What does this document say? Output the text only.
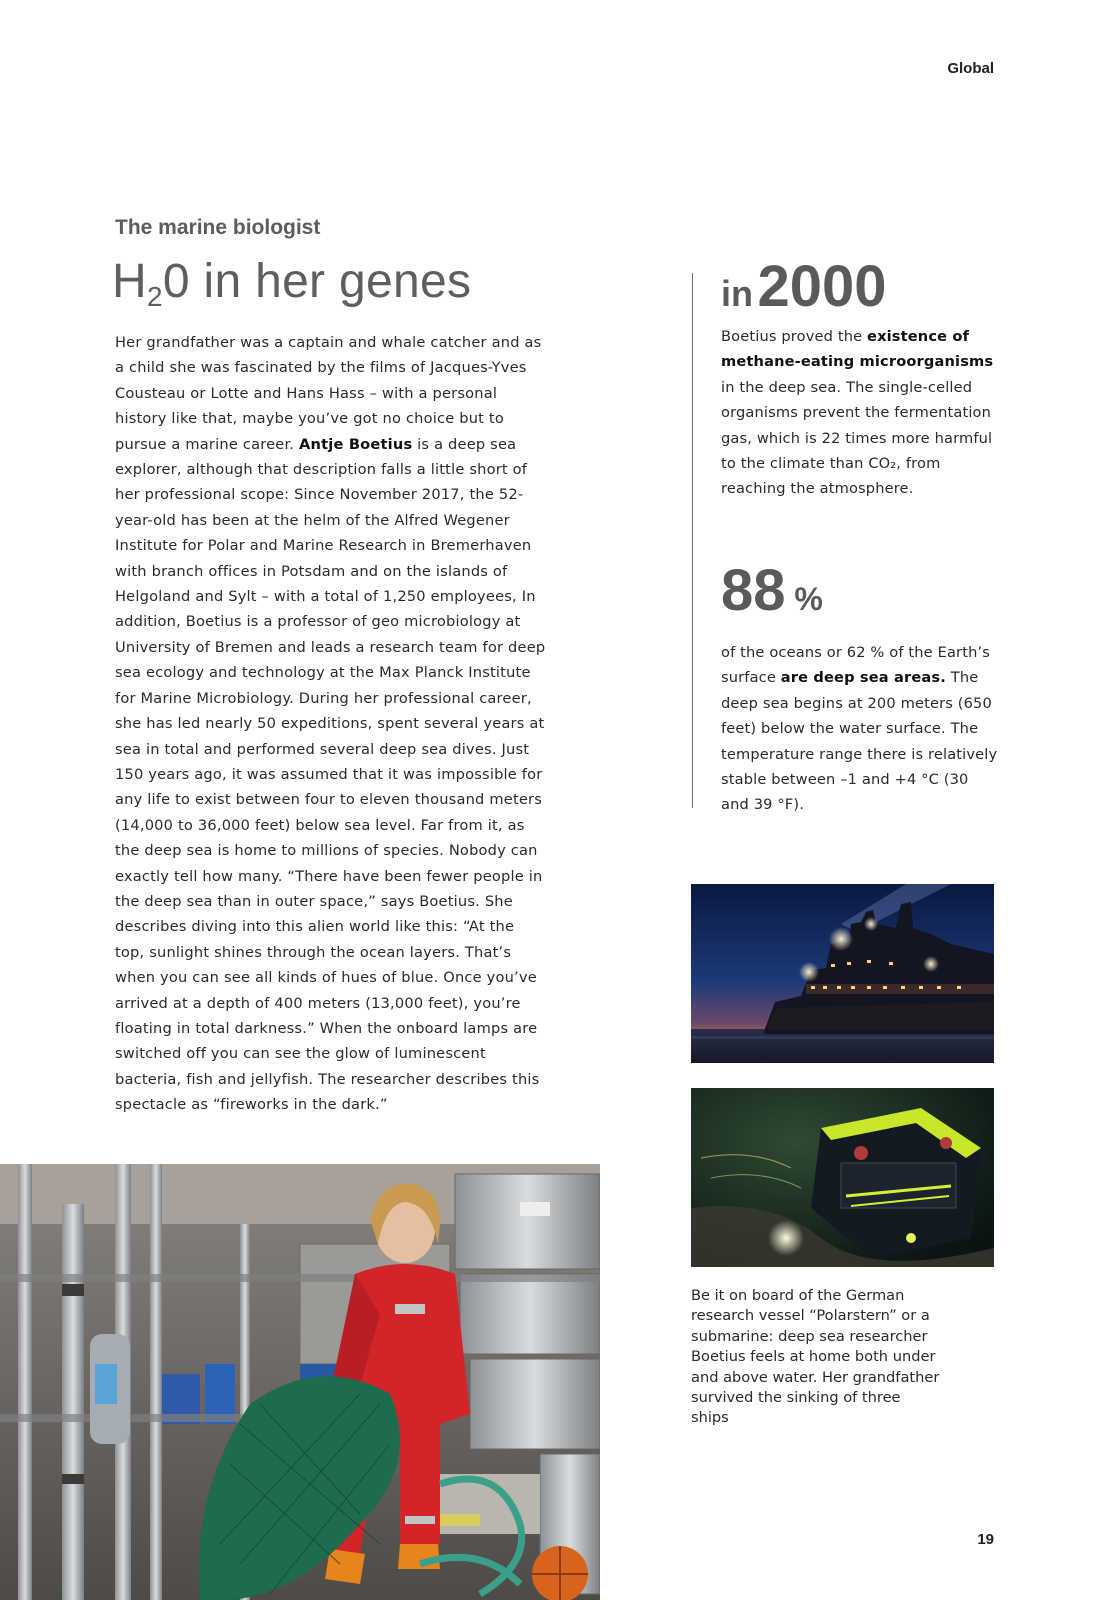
Global
The marine biologist
$H_20$ in her genes

Her grandfather was a captain and whale catcher and as a child she was fascinated by the films of Jacques-Yves Cousteau or Lotte and Hans Hass – with a personal history like that, maybe you’ve got no choice but to pursue a marine career. Antje Boetius is a deep sea explorer, although that description falls a little short of her professional scope: Since November 2017, the 52-year-old has been at the helm of the Alfred Wegener Institute for Polar and Marine Research in Bremerhaven with branch offices in Potsdam and on the islands of Helgoland and Sylt – with a total of 1,250 employees, In addition, Boetius is a professor of geo microbiology at University of Bremen and leads a research team for deep sea ecology and technology at the Max Planck Institute for Marine Microbiology. During her professional career, she has led nearly 50 expeditions, spent several years at sea in total and performed several deep sea dives. Just 150 years ago, it was assumed that it was impossible for any life to exist between four to eleven thousand meters (14,000 to 36,000 feet) below sea level. Far from it, as the deep sea is home to millions of species. Nobody can exactly tell how many. “There have been fewer people in the deep sea than in outer space,” says Boetius. She describes diving into this alien world like this: “At the top, sunlight shines through the ocean layers. That’s when you can see all kinds of hues of blue. Once you’ve arrived at a depth of 400 meters (13,000 feet), you’re floating in total darkness.” When the onboard lamps are switched off you can see the glow of luminescent bacteria, fish and jellyfish. The researcher describes this spectacle as “fireworks in the dark.”

in 2000

Boetius proved the existence of methane-eating microorganisms in the deep sea. The single-celled organisms prevent the fermentation gas, which is 22 times more harmful to the climate than CO₂, from reaching the atmosphere.

88 %

of the oceans or 62 % of the Earth’s surface are deep sea areas. The deep sea begins at 200 meters (650 feet) below the water surface. The temperature range there is relatively stable between –1 and +4 °C (30 and 39 °F).

Be it on board of the German research vessel “Polarstern” or a submarine: deep sea researcher Boetius feels at home both under and above water. Her grandfather survived the sinking of three ships

19
